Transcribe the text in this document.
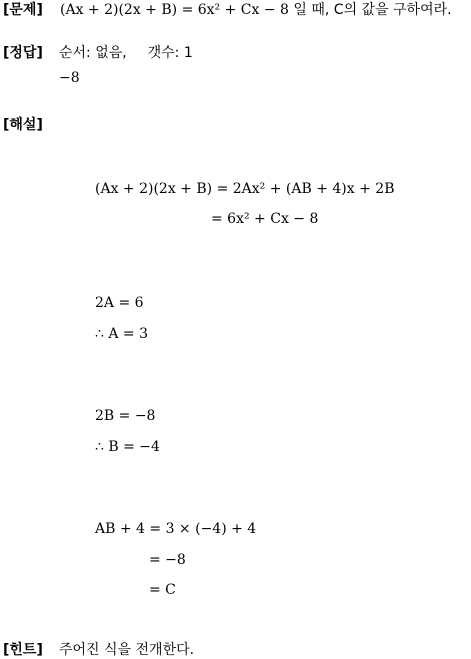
[문제] (Ax + 2)(2x + B) = 6x² + Cx − 8 일 때, C의 값을 구하여라.
[정답] 순서: 없음, 갯수: 1
−8
[해설]
(Ax + 2)(2x + B) = 2Ax² + (AB + 4)x + 2B
= 6x² + Cx − 8
2A = 6
∴ A = 3
2B = −8
∴ B = −4
AB + 4 = 3 × (−4) + 4
= −8
= C
[힌트] 주어진 식을 전개한다.
